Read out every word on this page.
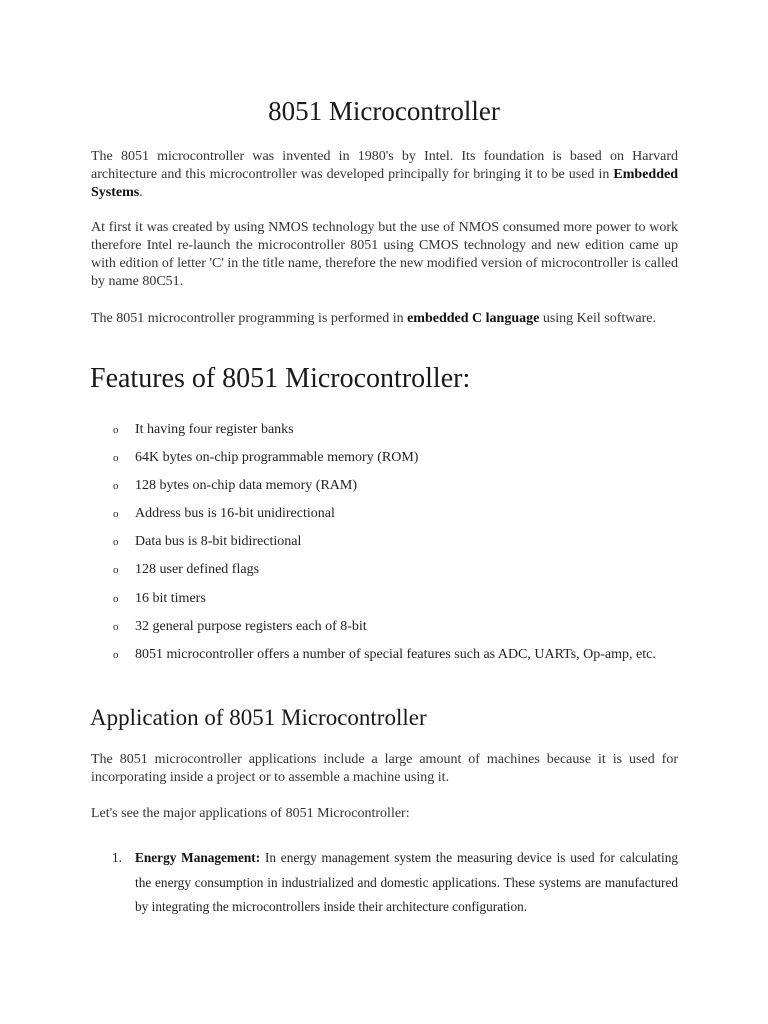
8051 Microcontroller

The 8051 microcontroller was invented in 1980's by Intel. Its foundation is based on Harvard architecture and this microcontroller was developed principally for bringing it to be used in Embedded Systems.

At first it was created by using NMOS technology but the use of NMOS consumed more power to work therefore Intel re-launch the microcontroller 8051 using CMOS technology and new edition came up with edition of letter 'C' in the title name, therefore the new modified version of microcontroller is called by name 80C51.

The 8051 microcontroller programming is performed in embedded C language using Keil software.

Features of 8051 Microcontroller:
o It having four register banks
o 64K bytes on-chip programmable memory (ROM)
o 128 bytes on-chip data memory (RAM)
o Address bus is 16-bit unidirectional
o Data bus is 8-bit bidirectional
o 128 user defined flags
o 16 bit timers
o 32 general purpose registers each of 8-bit
o 8051 microcontroller offers a number of special features such as ADC, UARTs, Op-amp, etc.
Application of 8051 Microcontroller

The 8051 microcontroller applications include a large amount of machines because it is used for incorporating inside a project or to assemble a machine using it.

Let's see the major applications of 8051 Microcontroller:

1. Energy Management: In energy management system the measuring device is used for calculating the energy consumption in industrialized and domestic applications. These systems are manufactured by integrating the microcontrollers inside their architecture configuration.
